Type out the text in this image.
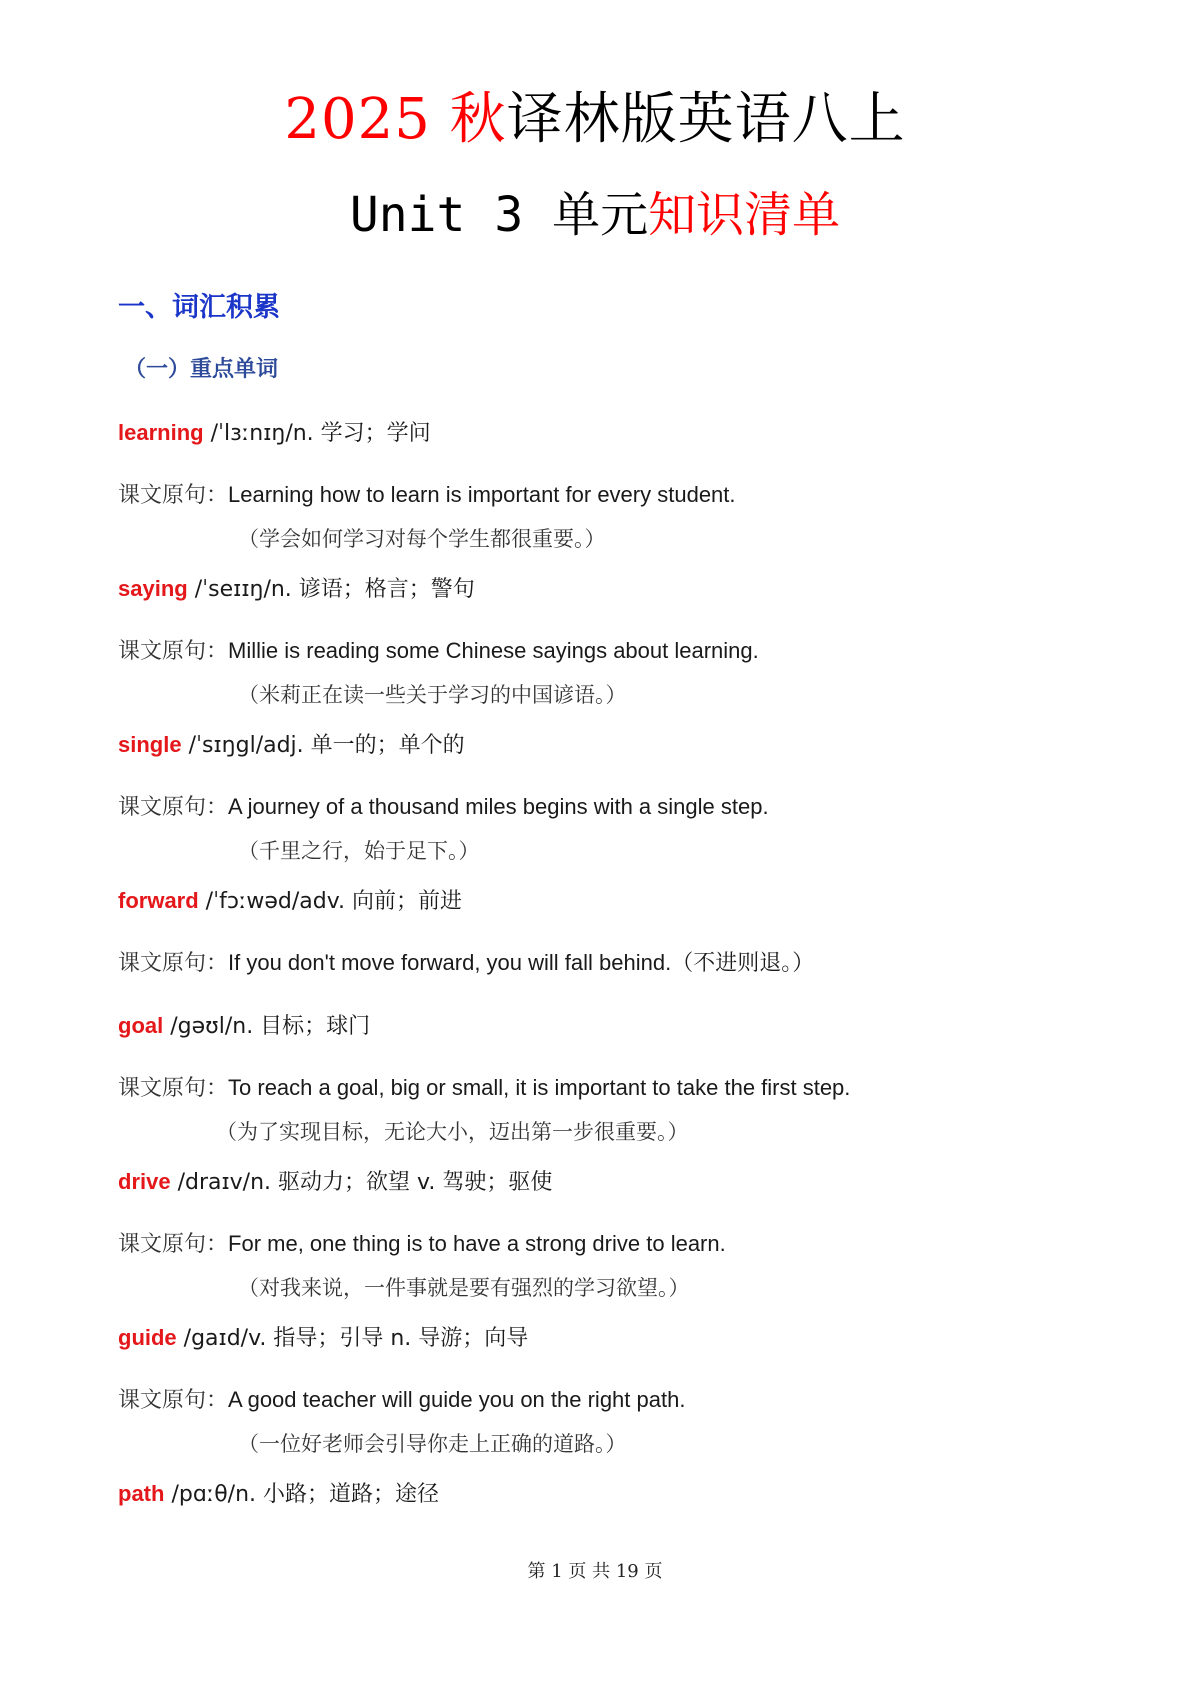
2025 秋译林版英语八上
Unit 3 单元知识清单
一、词汇积累
（一）重点单词
learning /ˈlɜːnɪŋ/n. 学习；学问
课文原句：Learning how to learn is important for every student.
（学会如何学习对每个学生都很重要。）
saying /ˈseɪɪŋ/n. 谚语；格言；警句
课文原句：Millie is reading some Chinese sayings about learning.
（米莉正在读一些关于学习的中国谚语。）
single /ˈsɪŋgl/adj. 单一的；单个的
课文原句：A journey of a thousand miles begins with a single step.
（千里之行，始于足下。）
forward /ˈfɔːwəd/adv. 向前；前进
课文原句：If you don't move forward, you will fall behind.（不进则退。）
goal /gəʊl/n. 目标；球门
课文原句：To reach a goal, big or small, it is important to take the first step.
（为了实现目标，无论大小，迈出第一步很重要。）
drive /draɪv/n. 驱动力；欲望 v. 驾驶；驱使
课文原句：For me, one thing is to have a strong drive to learn.
（对我来说，一件事就是要有强烈的学习欲望。）
guide /gaɪd/v. 指导；引导 n. 导游；向导
课文原句：A good teacher will guide you on the right path.
（一位好老师会引导你走上正确的道路。）
path /pɑːθ/n. 小路；道路；途径
第 1 页 共 19 页
